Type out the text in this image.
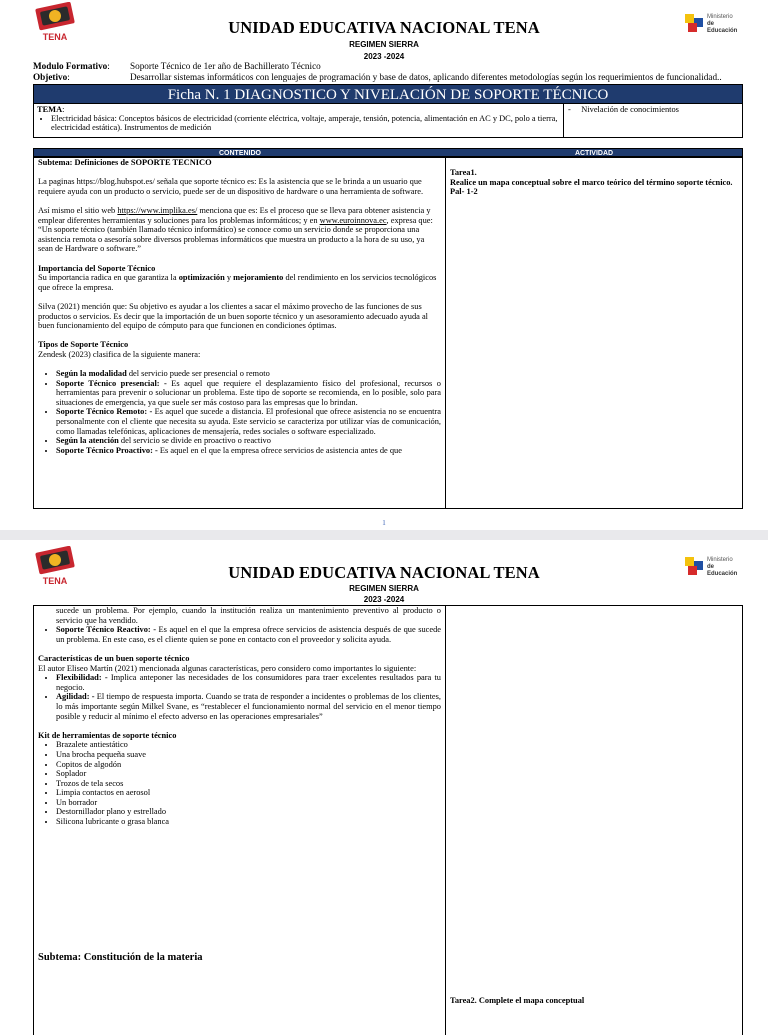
TENA
Ministerio
de Educación
UNIDAD EDUCATIVA NACIONAL TENA
REGIMEN SIERRA
2023 -2024
Modulo Formativo: Soporte Técnico de 1er año de Bachillerato Técnico
Objetivo:	Desarrollar sistemas informáticos con lenguajes de programación y base de datos, aplicando diferentes metodologías según los requerimientos de funcionalidad..
Ficha N. 1 DIAGNOSTICO Y NIVELACIÓN DE SOPORTE TÉCNICO

TEMA:

• Electricidad básica: Conceptos básicos de electricidad (corriente eléctrica, voltaje, amperaje, tensión, potencia, alimentación en AC y DC, polo a tierra, electricidad estática). Instrumentos de medición

-     Nivelación de conocimientos

CONTENIDO	ACTIVIDAD

Subtema: Definiciones de SOPORTE TECNICO

La paginas https://blog.hubspot.es/ señala que soporte técnico es: Es la asistencia que se le brinda a un usuario que requiere ayuda con un producto o servicio, puede ser de un dispositivo de hardware o una herramienta de software.

Así mismo el sitio web https://www.implika.es/ menciona que es: Es el proceso que se lleva para obtener asistencia y emplear diferentes herramientas y soluciones para los problemas informáticos; y en www.euroinnova.ec, expresa que: “Un soporte técnico (también llamado técnico informático) se conoce como un servicio donde se proporciona una asistencia remota o asesoría sobre diversos problemas informáticos que muestra un producto a la hora de su uso, ya sean de Hardware o software.”

Importancia del Soporte Técnico

Su importancia radica en que garantiza la optimización y mejoramiento del rendimiento en los servicios tecnológicos que ofrece la empresa.

Silva (2021) mención que: Su objetivo es ayudar a los clientes a sacar el máximo provecho de las funciones de sus productos o servicios. Es decir que la importación de un buen soporte técnico y un asesoramiento adecuado ayuda al buen funcionamiento del equipo de cómputo para que funcionen en condiciones óptimas.

Tipos de Soporte Técnico

Zendesk (2023) clasifica de la siguiente manera:

• Según la modalidad del servicio puede ser presencial o remoto
• Soporte Técnico presencial: - Es aquel que requiere el desplazamiento físico del profesional, recursos o herramientas para prevenir o solucionar un problema. Este tipo de soporte se recomienda, en lo posible, solo para situaciones de emergencia, ya que suele ser más costoso para las empresas que lo brindan.
• Soporte Técnico Remoto: - Es aquel que sucede a distancia. El profesional que ofrece asistencia no se encuentra personalmente con el cliente que necesita su ayuda. Este servicio se caracteriza por utilizar vías de comunicación, como llamadas telefónicas, aplicaciones de mensajería, redes sociales o software especializado.
• Según la atención del servicio se divide en proactivo o reactivo
• Soporte Técnico Proactivo: - Es aquel en el que la empresa ofrece servicios de asistencia antes de que

Tarea1.

Realice un mapa conceptual sobre el marco teórico del término soporte técnico. Pal- 1-2

1
TENA
Ministerio
de Educación
UNIDAD EDUCATIVA NACIONAL TENA
REGIMEN SIERRA
2023 -2024
sucede un problema. Por ejemplo, cuando la institución realiza un mantenimiento preventivo al producto o servicio que ha vendido.
• Soporte Técnico Reactivo: - Es aquel en el que la empresa ofrece servicios de asistencia después de que sucede un problema. En este caso, es el cliente quien se pone en contacto con el proveedor y solicita ayuda.

Características de un buen soporte técnico

El autor Eliseo Martín (2021) mencionada algunas características, pero considero como importantes lo siguiente:

• Flexibilidad: - Implica anteponer las necesidades de los consumidores para traer excelentes resultados para tu negocio.
• Agilidad: - El tiempo de respuesta importa. Cuando se trata de responder a incidentes o problemas de los clientes, lo más importante según Milkel Svane, es “restablecer el funcionamiento normal del servicio en el menor tiempo posible y reducir al mínimo el efecto adverso en las operaciones empresariales”

Kit de herramientas de soporte técnico

• Brazalete antiestático
• Una brocha pequeña suave
• Copitos de algodón
• Soplador
• Trozos de tela secos
• Limpia contactos en aerosol
• Un borrador
• Destornillador plano y estrellado
• Silicona lubricante o grasa blanca

Subtema: Constitución de la materia

Tarea2. Complete el mapa conceptual
